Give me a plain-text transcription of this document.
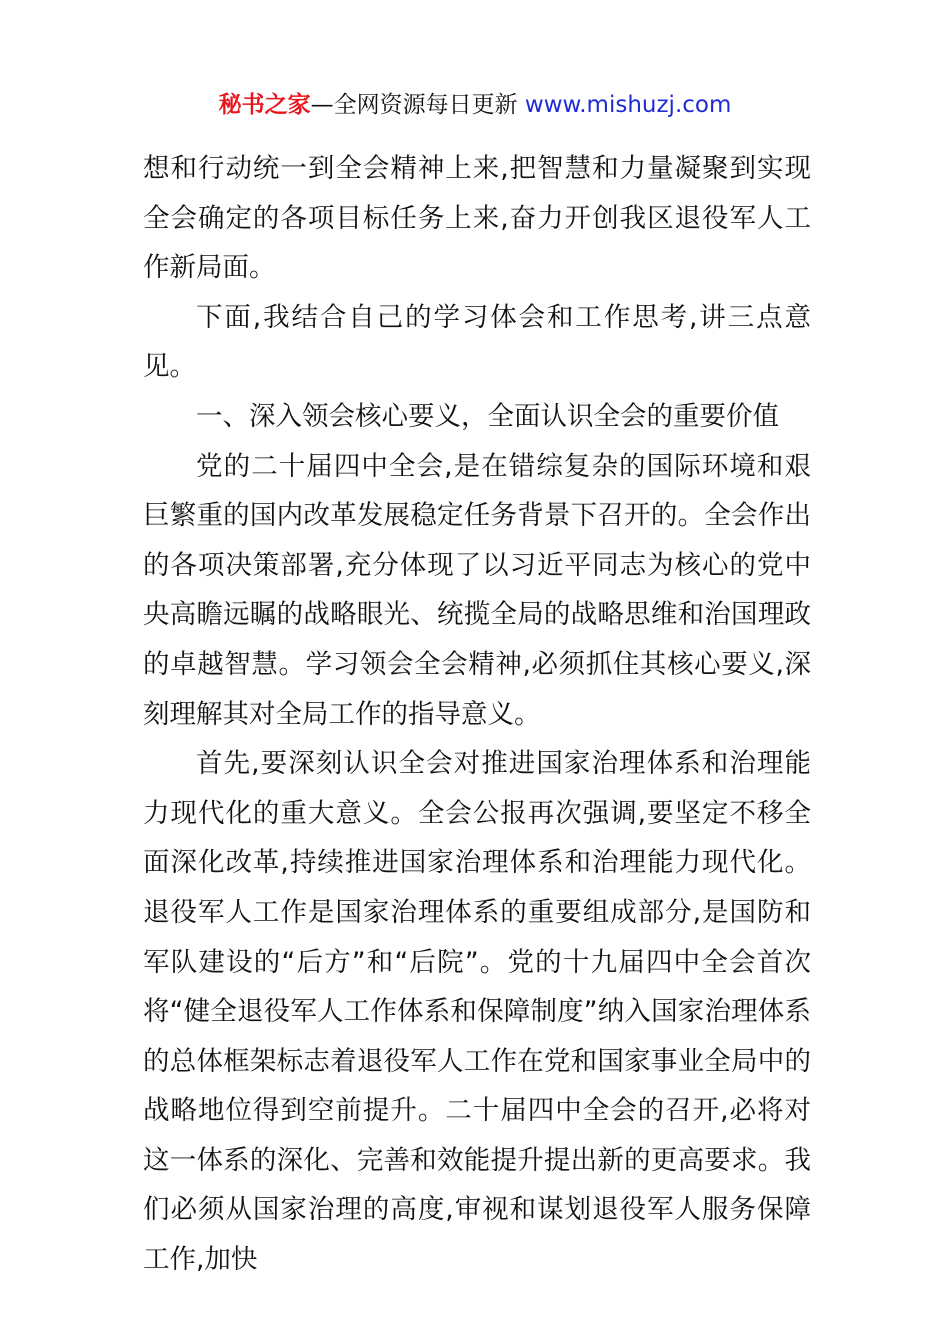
秘书之家—全网资源每日更新 www.mishuzj.com

想和行动统一到全会精神上来,把智慧和力量凝聚到实现全会确定的各项目标任务上来,奋力开创我区退役军人工作新局面。

下面,我结合自己的学习体会和工作思考,讲三点意见。

一、深入领会核心要义，全面认识全会的重要价值

党的二十届四中全会,是在错综复杂的国际环境和艰巨繁重的国内改革发展稳定任务背景下召开的。全会作出的各项决策部署,充分体现了以习近平同志为核心的党中央高瞻远瞩的战略眼光、统揽全局的战略思维和治国理政的卓越智慧。学习领会全会精神,必须抓住其核心要义,深刻理解其对全局工作的指导意义。

首先,要深刻认识全会对推进国家治理体系和治理能力现代化的重大意义。全会公报再次强调,要坚定不移全面深化改革,持续推进国家治理体系和治理能力现代化。退役军人工作是国家治理体系的重要组成部分,是国防和军队建设的“后方”和“后院”。党的十九届四中全会首次将“健全退役军人工作体系和保障制度”纳入国家治理体系的总体框架标志着退役军人工作在党和国家事业全局中的战略地位得到空前提升。二十届四中全会的召开,必将对这一体系的深化、完善和效能提升提出新的更高要求。我们必须从国家治理的高度,审视和谋划退役军人服务保障工作,加快
